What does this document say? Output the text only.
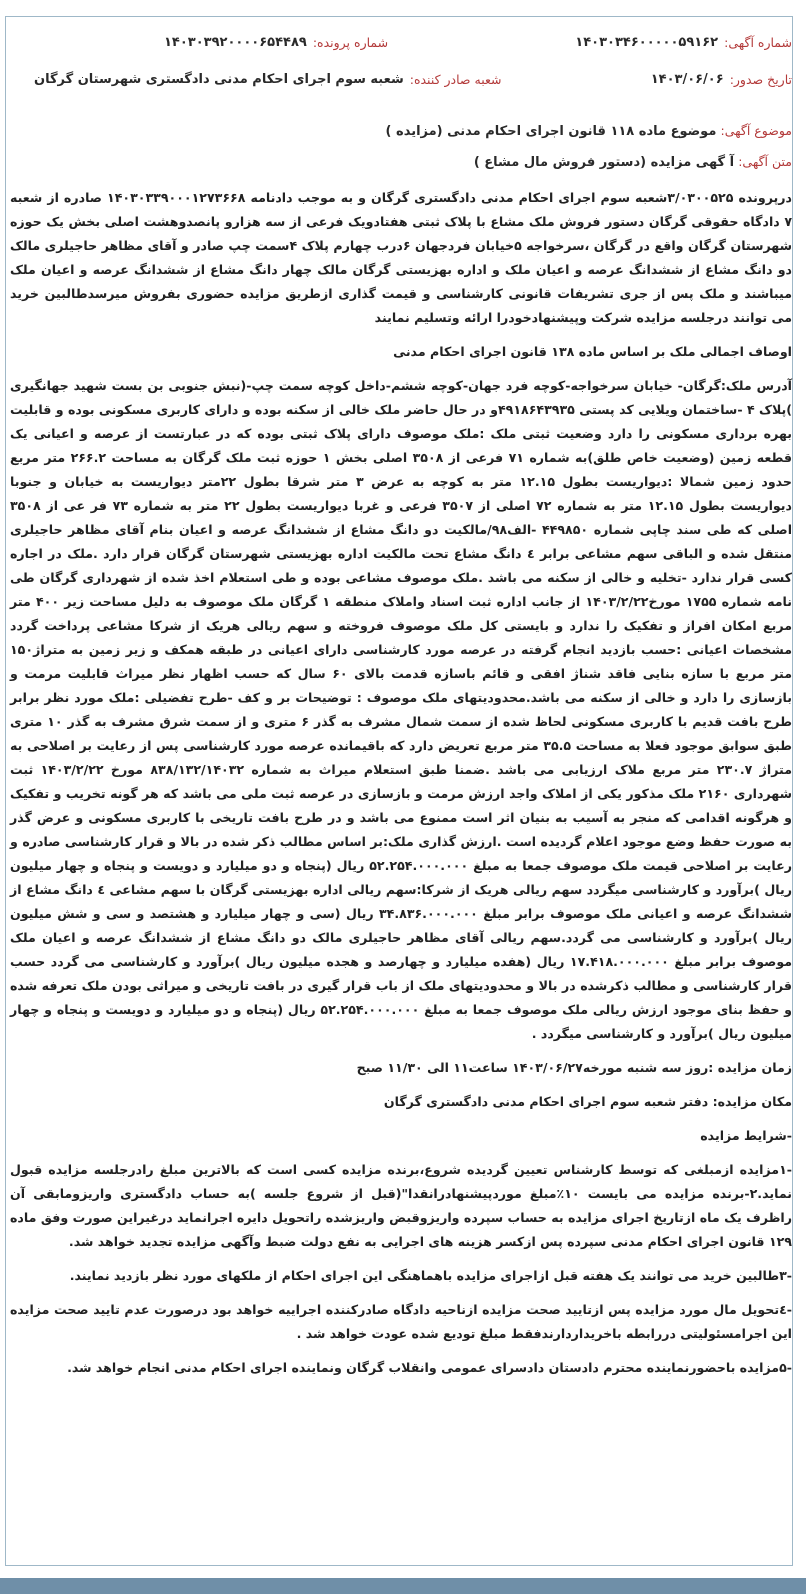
شماره آگهی:
۱۴۰۳۰۳۴۶۰۰۰۰۰۵۹۱۶۲
شماره پرونده:
۱۴۰۳۰۳۹۲۰۰۰۰۶۵۴۴۸۹
تاریخ صدور:
۱۴۰۳/۰۶/۰۶
شعبه صادر کننده:
شعبه سوم اجرای احکام مدنی دادگستری شهرستان گرگان
موضوع آگهی: موضوع ماده ۱۱۸ قانون اجرای احکام مدنی (مزایده )
متن آگهی: آ گهی مزایده (دستور فروش مال مشاع )

درپرونده ۳/۰۳۰۰۵۲۵شعبه سوم اجرای احکام مدنی دادگستری گرگان و به موجب دادنامه ۱۴۰۳۰۳۳۹۰۰۰۱۲۷۳۶۶۸ صادره از شعبه ۷ دادگاه حقوقی گرگان دستور فروش ملک مشاع با پلاک ثبتی هفتادویک فرعی از سه هزارو پانصدوهشت اصلی بخش یک حوزه شهرستان گرگان واقع در گرگان ،سرخواجه ۵خیابان فردجهان ۶درب چهارم پلاک ۴سمت چپ صادر و آقای مظاهر حاجیلری مالک دو دانگ مشاع از ششدانگ عرصه و اعیان ملک و اداره بهزیستی گرگان مالک چهار دانگ مشاع از ششدانگ عرصه و اعیان ملک میباشند و ملک پس از جری تشریفات قانونی کارشناسی و قیمت گذاری ازطریق مزایده حضوری بفروش میرسدطالبین خرید می توانند درجلسه مزایده شرکت وپیشنهادخودرا ارائه وتسلیم نمایند

اوصاف اجمالی ملک بر اساس ماده ۱۳۸ قانون اجرای احکام مدنی

آدرس ملک:گرگان- خیابان سرخواجه-کوچه فرد جهان-کوچه ششم-داخل کوچه سمت چپ-(نبش جنوبی بن بست شهید جهانگیری )پلاک ۴ -ساختمان ویلایی کد پستی ۴۹۱۸۶۴۳۹۳۵و در حال حاضر ملک خالی از سکنه بوده و دارای کاربری مسکونی بوده و قابلیت بهره برداری مسکونی را دارد وضعیت ثبتی ملک :ملک موصوف دارای پلاک ثبتی بوده که در عبارتست از عرصه و اعیانی یک قطعه زمین (وضعیت خاص طلق)به شماره ۷۱ فرعی از ۳۵۰۸ اصلی بخش ۱ حوزه ثبت ملک گرگان به مساحت ۲۶۶.۲ متر مربع حدود زمین شمالا :دیواریست بطول ۱۲.۱۵ متر به کوچه به عرض ۳ متر شرقا بطول ۲۲متر دیواریست به خیابان و جنوبا دیواریست بطول ۱۲.۱۵ متر به شماره ۷۲ اصلی از ۳۵۰۷ فرعی و غربا دیواریست بطول ۲۲ متر به شماره ۷۳ فر عی از ۳۵۰۸ اصلی که طی سند چاپی شماره ۴۴۹۸۵۰ -الف۹۸/مالکیت دو دانگ مشاع از ششدانگ عرصه و اعیان بنام آقای مظاهر حاجیلری منتقل شده و الباقی سهم مشاعی برابر ٤ دانگ مشاع تحت مالکیت اداره بهزیستی شهرستان گرگان قرار دارد .ملک در اجاره کسی قرار ندارد -تخلیه و خالی از سکنه می باشد .ملک موصوف مشاعی بوده و طی استعلام اخذ شده از شهرداری گرگان طی نامه شماره ۱۷۵۵ مورخ۱۴۰۳/۲/۲۲ از جانب اداره ثبت اسناد واملاک منطقه ۱ گرگان ملک موصوف به دلیل مساحت زیر ۴۰۰ متر مربع امکان افراز و تفکیک را ندارد و بایستی کل ملک موصوف فروخته و سهم ریالی هریک از شرکا مشاعی پرداخت گردد مشخصات اعیانی :حسب بازدید انجام گرفته در عرصه مورد کارشناسی دارای اعیانی در طبقه همکف و زیر زمین به متراژ۱۵۰ متر مربع با سازه بنایی فاقد شناژ افقی و قائم باسازه قدمت بالای ۶۰ سال که حسب اظهار نظر میراث قابلیت مرمت و بازسازی را دارد و خالی از سکنه می باشد.محدودیتهای ملک موصوف : توضیحات بر و کف -طرح تفضیلی :ملک مورد نظر برابر طرح بافت قدیم با کاربری مسکونی لحاظ شده از سمت شمال مشرف به گذر ۶ متری و از سمت شرق مشرف به گذر ۱۰ متری طبق سوابق موجود فعلا به مساحت ۳۵.۵ متر مربع تعریض دارد که باقیمانده عرصه مورد کارشناسی پس از رعایت بر اصلاحی به متراژ ۲۳۰.۷ متر مربع ملاک ارزیابی می باشد .ضمنا طبق استعلام میراث به شماره ۸۳۸/۱۳۲/۱۴۰۳۲ مورخ ۱۴۰۳/۲/۲۲ ثبت شهرداری ۲۱۶۰ ملک مذکور یکی از املاک واجد ارزش مرمت و بازسازی در عرصه ثبت ملی می باشد که هر گونه تخریب و تفکیک و هرگونه اقدامی که منجر به آسیب به بنیان اثر است ممنوع می باشد و در طرح بافت تاریخی با کاربری مسکونی و عرض گذر به صورت حفظ وضع موجود اعلام گردیده است .ارزش گذاری ملک:بر اساس مطالب ذکر شده در بالا و قرار کارشناسی صادره و رعایت بر اصلاحی قیمت ملک موصوف جمعا به مبلغ ۵۲.۲۵۴.۰۰۰.۰۰۰ ریال (پنجاه و دو میلیارد و دویست و پنجاه و چهار میلیون ریال )برآورد و کارشناسی میگردد سهم ریالی هریک از شرکا:سهم ریالی اداره بهزیستی گرگان با سهم مشاعی ٤ دانگ مشاع از ششدانگ عرصه و اعیانی ملک موصوف برابر مبلغ ۳۴.۸۳۶.۰۰۰.۰۰۰ ریال (سی و چهار میلیارد و هشتصد و سی و شش میلیون ریال )برآورد و کارشناسی می گردد.سهم ریالی آقای مظاهر حاجیلری مالک دو دانگ مشاع از ششدانگ عرصه و اعیان ملک موصوف برابر مبلغ ۱۷.۴۱۸.۰۰۰.۰۰۰ ریال (هفده میلیارد و چهارصد و هجده میلیون ریال )برآورد و کارشناسی می گردد حسب قرار کارشناسی و مطالب ذکرشده در بالا و محدودیتهای ملک از باب قرار گیری در بافت تاریخی و میراثی بودن ملک تعرفه شده و حفظ بنای موجود ارزش ریالی ملک موصوف جمعا به مبلغ ۵۲.۲۵۴.۰۰۰.۰۰۰ ریال (پنجاه و دو میلیارد و دویست و پنجاه و چهار میلیون ریال )برآورد و کارشناسی میگردد .

زمان مزایده :روز سه شنبه مورخه۱۴۰۳/۰۶/۲۷ ساعت۱۱ الی ۱۱/۳۰ صبح

مکان مزایده: دفتر شعبه سوم اجرای احکام مدنی دادگستری گرگان

-شرایط مزایده

-۱مزایده ازمبلغی که توسط کارشناس تعیین گردیده شروع،برنده مزایده کسی است که بالاترین مبلغ رادرجلسه مزایده قبول نماید.۲-برنده مزایده می بایست ۱۰٪مبلغ موردپیشنهادرانقدا"(قبل از شروع جلسه )به حساب دادگستری واریزومابقی آن راظرف یک ماه ازتاریخ اجرای مزایده به حساب سپرده واریزوقبض واریزشده راتحویل دایره اجرانماید درغیراین صورت وفق ماده ۱۲۹ قانون اجرای احکام مدنی سپرده پس ازکسر هزینه های اجرایی به نفع دولت ضبط وآگهی مزایده تجدید خواهد شد.

-۳طالبین خرید می توانند یک هفته قبل ازاجرای مزایده باهماهنگی این اجرای احکام از ملکهای مورد نظر بازدید نمایند.

-٤تحویل مال مورد مزایده پس ازتایید صحت مزایده ازناحیه دادگاه صادرکننده اجراییه خواهد بود درصورت عدم تایید صحت مزایده این اجرامسئولیتی دررابطه باخریداردارندفقط مبلغ تودیع شده عودت خواهد شد .

-۵مزایده باحضورنماینده محترم دادستان دادسرای عمومی وانقلاب گرگان ونماینده اجرای احکام مدنی انجام خواهد شد.
